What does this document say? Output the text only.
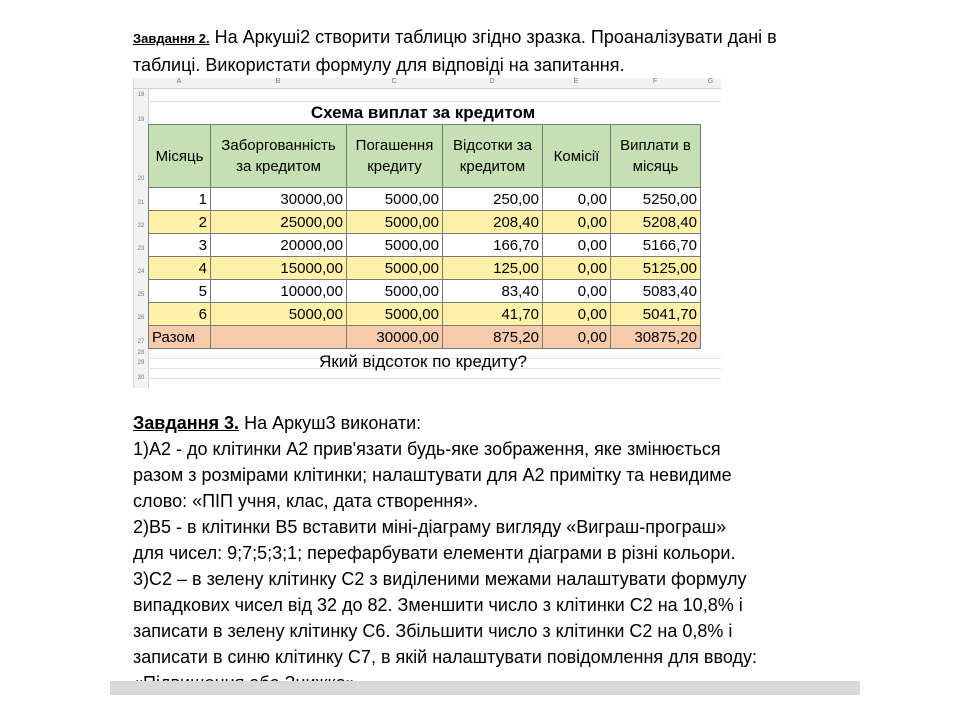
Завдання 2. На Аркуші2 створити таблицю згідно зразка. Проаналізувати дані в
таблиці. Використати формулу для відповіді на запитання.
A	B	C	D	E	F	G
18
19
20
21
22
23
24
25
26
27
28
29
30
Схема виплат за кредитом
Місяць	Заборгованність за кредитом	Погашення кредиту	Відсотки за кредитом	Комісії	Виплати в місяць
1	30000,00	5000,00	250,00	0,00	5250,00
2	25000,00	5000,00	208,40	0,00	5208,40
3	20000,00	5000,00	166,70	0,00	5166,70
4	15000,00	5000,00	125,00	0,00	5125,00
5	10000,00	5000,00	83,40	0,00	5083,40
6	5000,00	5000,00	41,70	0,00	5041,70
Разом		30000,00	875,20	0,00	30875,20
Який відсоток по кредиту?
Завдання 3. На Аркуш3 виконати:
1)А2 - до клітинки А2 прив'язати будь-яке зображення, яке змінюється
разом з розмірами клітинки; налаштувати для А2 примітку та невидиме
слово: «ПІП учня, клас, дата створення».
2)В5 - в клітинки В5 вставити міні-діаграму вигляду «Виграш-програш»
для чисел: 9;7;5;3;1; перефарбувати елементи діаграми в різні кольори.
3)С2 – в зелену клітинку С2 з виділеними межами налаштувати формулу
випадкових чисел від 32 до 82. Зменшити число з клітинки С2 на 10,8% і
записати в зелену клітинку С6. Збільшити число з клітинки С2 на 0,8% і
записати в синю клітинку С7, в якій налаштувати повідомлення для вводу:
